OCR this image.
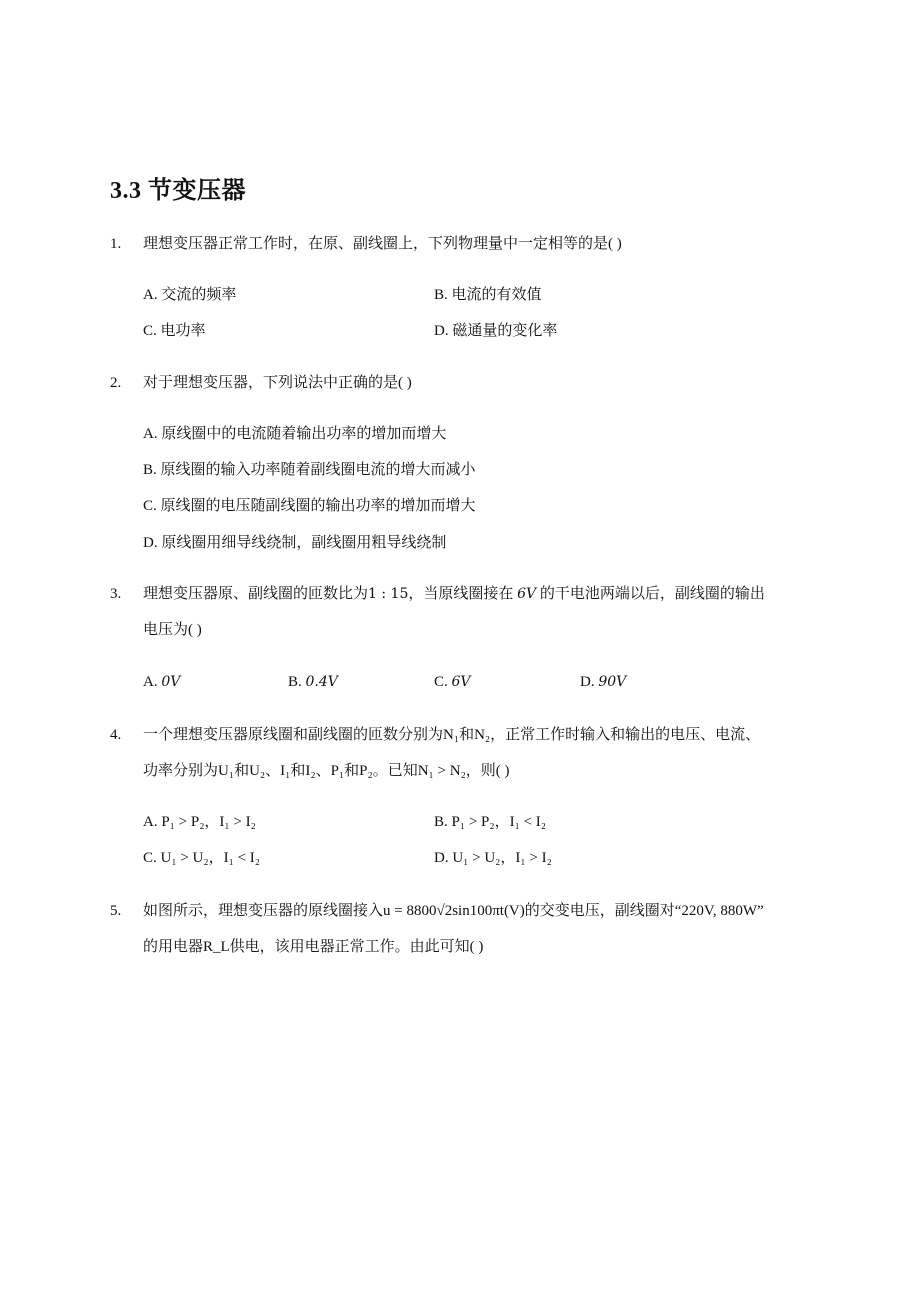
3.3 节变压器
1.	理想变压器正常工作时，在原、副线圈上，下列物理量中一定相等的是( )
A. 交流的频率	B. 电流的有效值
C. 电功率	D. 磁通量的变化率
2.	对于理想变压器，下列说法中正确的是( )
A. 原线圈中的电流随着输出功率的增加而增大
B. 原线圈的输入功率随着副线圈电流的增大而减小
C. 原线圈的电压随副线圈的输出功率的增加而增大
D. 原线圈用细导线绕制，副线圈用粗导线绕制
3.	理想变压器原、副线圈的匝数比为1 : 15，当原线圈接在 6V 的干电池两端以后，副线圈的输出
电压为( )
A. 0V	B. 0.4V	C. 6V	D. 90V
4.	一个理想变压器原线圈和副线圈的匝数分别为N₁和N₂，正常工作时输入和输出的电压、电流、
功率分别为U₁和U₂、I₁和I₂、P₁和P₂。已知N₁ > N₂，则( )
A. P₁ > P₂，I₁ > I₂	B. P₁ > P₂，I₁ < I₂
C. U₁ > U₂，I₁ < I₂	D. U₁ > U₂，I₁ > I₂
5.	如图所示，理想变压器的原线圈接入u = 8800√2sin100πt(V)的交变电压，副线圈对“220V, 880W”
的用电器R_L供电，该用电器正常工作。由此可知( )
